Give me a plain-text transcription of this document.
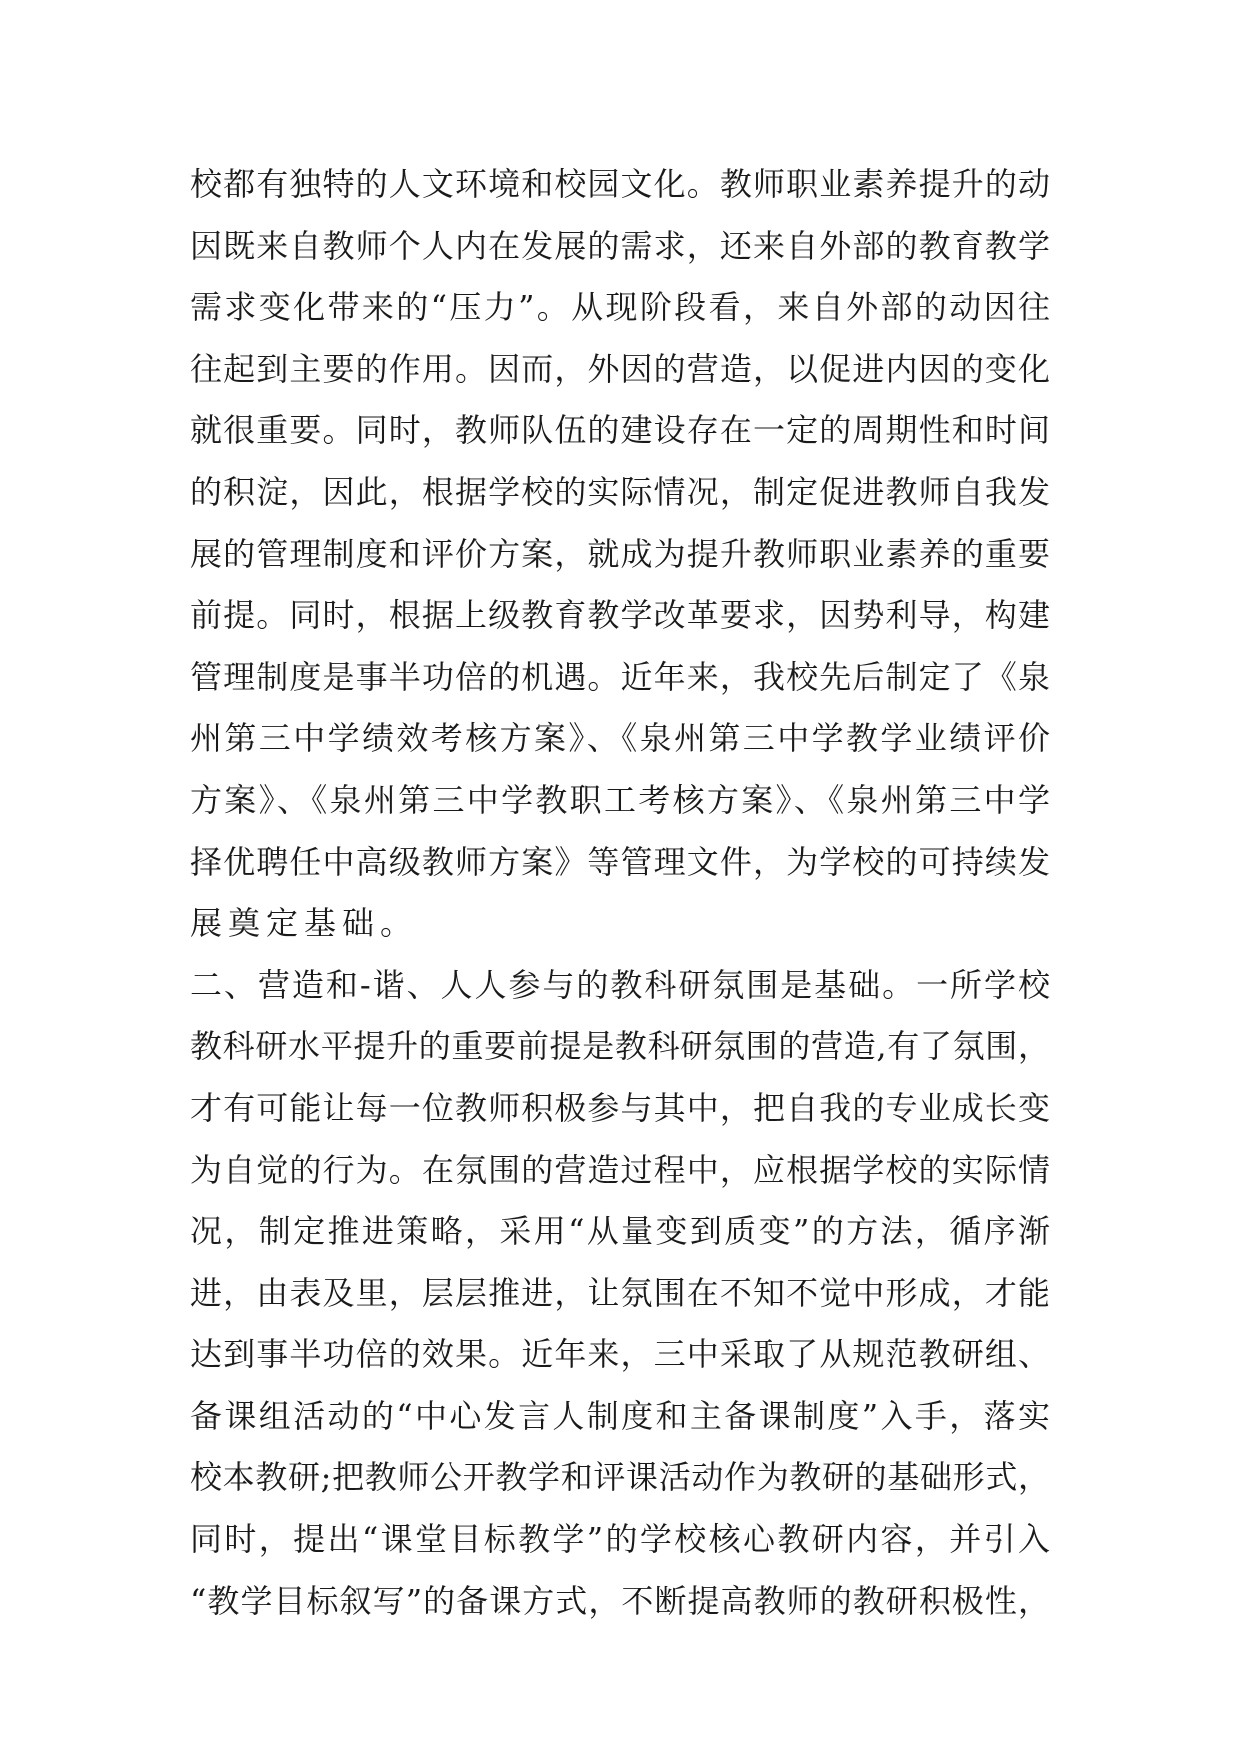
校都有独特的人文环境和校园文化。教师职业素养提升的动
因既来自教师个人内在发展的需求，还来自外部的教育教学
需求变化带来的“压力”。从现阶段看，来自外部的动因往
往起到主要的作用。因而，外因的营造，以促进内因的变化
就很重要。同时，教师队伍的建设存在一定的周期性和时间
的积淀，因此，根据学校的实际情况，制定促进教师自我发
展的管理制度和评价方案，就成为提升教师职业素养的重要
前提。同时，根据上级教育教学改革要求，因势利导，构建
管理制度是事半功倍的机遇。近年来，我校先后制定了《泉
州第三中学绩效考核方案》、《泉州第三中学教学业绩评价
方案》、《泉州第三中学教职工考核方案》、《泉州第三中学
择优聘任中高级教师方案》等管理文件，为学校的可持续发
展奠定基础。
二、营造和-谐、人人参与的教科研氛围是基础。一所学校
教科研水平提升的重要前提是教科研氛围的营造,有了氛围，
才有可能让每一位教师积极参与其中，把自我的专业成长变
为自觉的行为。在氛围的营造过程中，应根据学校的实际情
况，制定推进策略，采用“从量变到质变”的方法，循序渐
进，由表及里，层层推进，让氛围在不知不觉中形成，才能
达到事半功倍的效果。近年来，三中采取了从规范教研组、
备课组活动的“中心发言人制度和主备课制度”入手，落实
校本教研;把教师公开教学和评课活动作为教研的基础形式，
同时，提出“课堂目标教学”的学校核心教研内容，并引入
“教学目标叙写”的备课方式，不断提高教师的教研积极性，
